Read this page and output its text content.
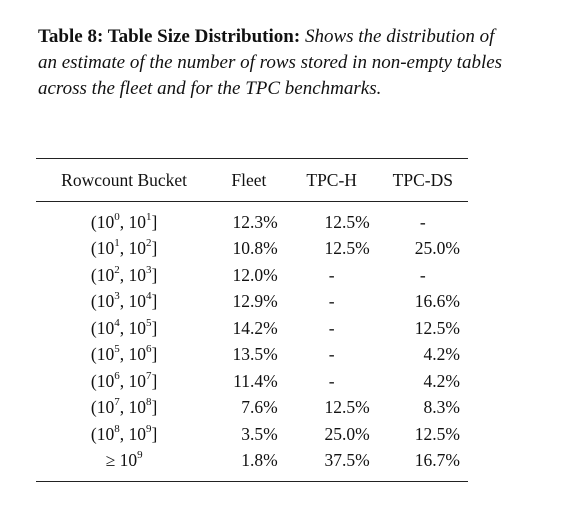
Table 8: Table Size Distribution: Shows the distribution of an estimate of the number of rows stored in non-empty tables across the fleet and for the TPC benchmarks.
Rowcount Bucket	Fleet	TPC-H	TPC-DS
($10^0$, $10^1$]	12.3%	12.5%	-
($10^1$, $10^2$]	10.8%	12.5%	25.0%
($10^2$, $10^3$]	12.0%	-	-
($10^3$, $10^4$]	12.9%	-	16.6%
($10^4$, $10^5$]	14.2%	-	12.5%
($10^5$, $10^6$]	13.5%	-	4.2%
($10^6$, $10^7$]	11.4%	-	4.2%
($10^7$, $10^8$]	7.6%	12.5%	8.3%
($10^8$, $10^9$]	3.5%	25.0%	12.5%
≥ $10^9$	1.8%	37.5%	16.7%
